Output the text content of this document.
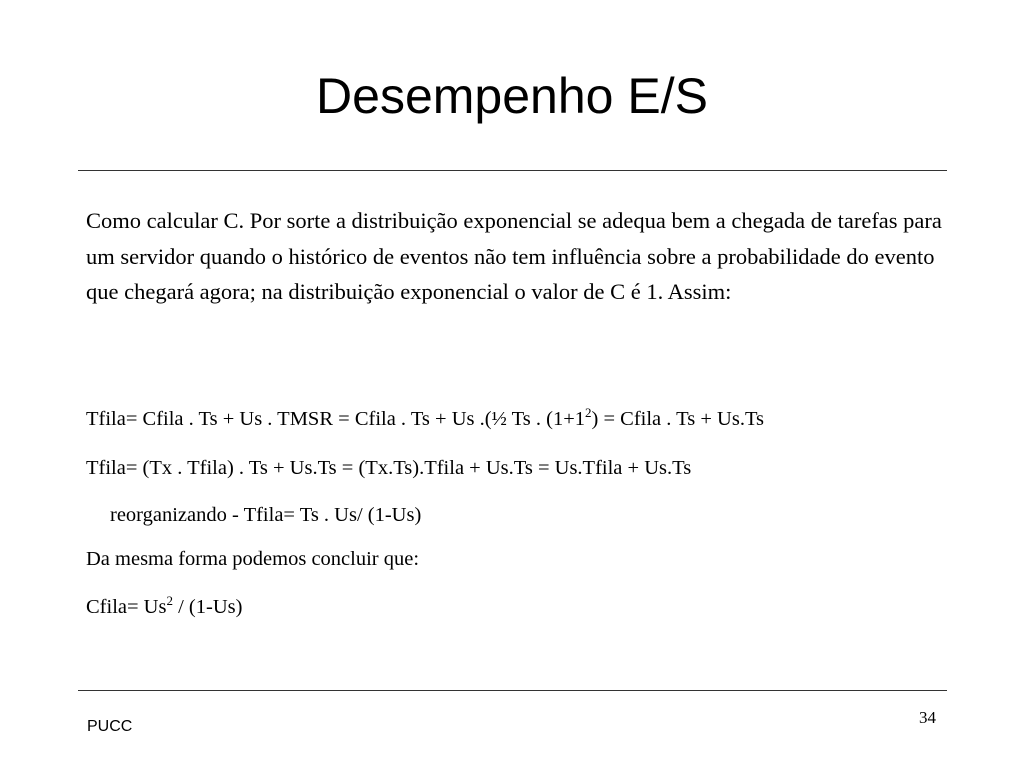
Desempenho E/S
Como calcular C. Por sorte a distribuição exponencial se adequa bem a chegada de tarefas para um servidor quando o histórico de eventos não tem influência sobre a probabilidade do evento que chegará agora; na distribuição exponencial o valor de C é 1. Assim:
Tfila= Cfila . Ts + Us . TMSR = Cfila . Ts + Us .(½ Ts . $(1+1^2)$ = Cfila . Ts + Us.Ts
Tfila= (Tx . Tfila) . Ts + Us.Ts = (Tx.Ts).Tfila + Us.Ts = Us.Tfila + Us.Ts
reorganizando - Tfila= Ts . Us/ (1-Us)
Da mesma forma podemos concluir que:
Cfila= $Us^2 / (1-Us)$
PUCC	34
